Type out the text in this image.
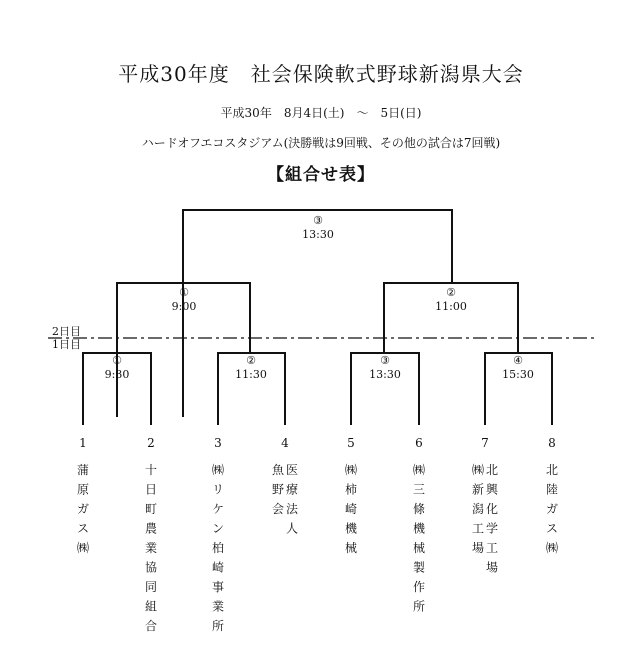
平成30年度　社会保険軟式野球新潟県大会
平成30年　8月4日(土)　～　5日(日)
ハードオフエコスタジアム(決勝戦は9回戦、その他の試合は7回戦)
【組合せ表】
2日目
1日目
③
13:30
①
9:00
②
11:00
①
9:30
②
11:30
③
13:30
④
15:30
1
蒲原ガス㈱
2
十日町農業協同組合
3
㈱リケン柏崎事業所
4
医療法人
魚野会
5
㈱柿崎機械
6
㈱三條機械製作所
7
北興化学工場
㈱新潟工場
8
北陸ガス㈱
